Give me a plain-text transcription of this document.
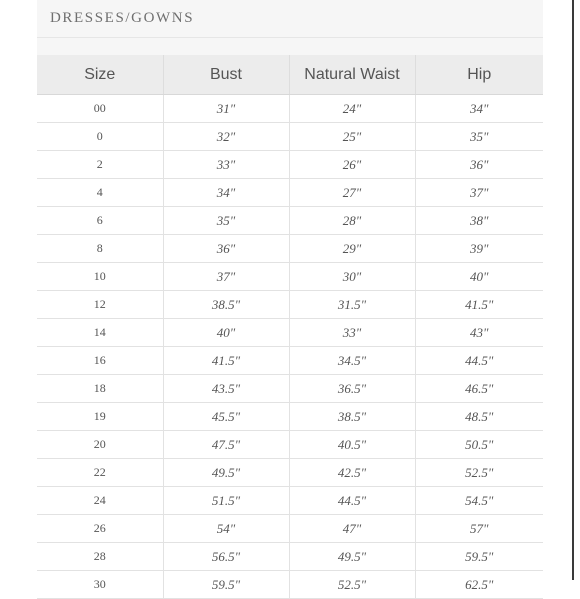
DRESSES/GOWNS
Size	Bust	Natural Waist	Hip
00	31"	24"	34"
0	32"	25"	35"
2	33"	26"	36"
4	34"	27"	37"
6	35"	28"	38"
8	36"	29"	39"
10	37"	30"	40"
12	38.5"	31.5"	41.5"
14	40"	33"	43"
16	41.5"	34.5"	44.5"
18	43.5"	36.5"	46.5"
19	45.5"	38.5"	48.5"
20	47.5"	40.5"	50.5"
22	49.5"	42.5"	52.5"
24	51.5"	44.5"	54.5"
26	54"	47"	57"
28	56.5"	49.5"	59.5"
30	59.5"	52.5"	62.5"
